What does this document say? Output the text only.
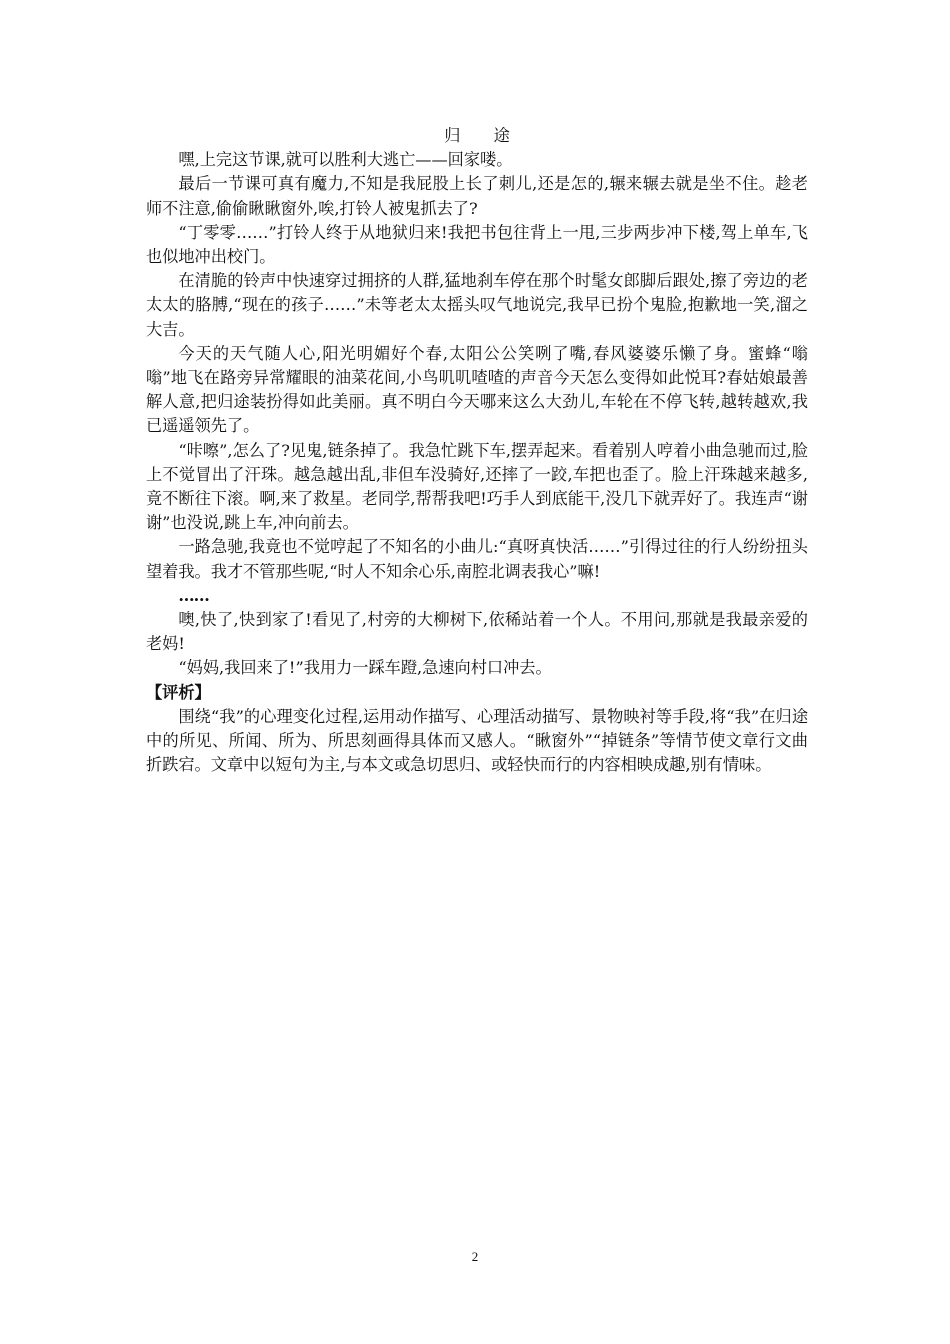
归 途

嘿,上完这节课,就可以胜利大逃亡——回家喽。

最后一节课可真有魔力,不知是我屁股上长了刺儿,还是怎的,辗来辗去就是坐不住。趁老师不注意,偷偷瞅瞅窗外,唉,打铃人被鬼抓去了?

“丁零零……”打铃人终于从地狱归来!我把书包往背上一甩,三步两步冲下楼,驾上单车,飞也似地冲出校门。

在清脆的铃声中快速穿过拥挤的人群,猛地刹车停在那个时髦女郎脚后跟处,擦了旁边的老太太的胳膊,“现在的孩子……”未等老太太摇头叹气地说完,我早已扮个鬼脸,抱歉地一笑,溜之大吉。

今天的天气随人心,阳光明媚好个春,太阳公公笑咧了嘴,春风婆婆乐懒了身。蜜蜂“嗡嗡”地飞在路旁异常耀眼的油菜花间,小鸟叽叽喳喳的声音今天怎么变得如此悦耳?春姑娘最善解人意,把归途装扮得如此美丽。真不明白今天哪来这么大劲儿,车轮在不停飞转,越转越欢,我已遥遥领先了。

“咔嚓”,怎么了?见鬼,链条掉了。我急忙跳下车,摆弄起来。看着别人哼着小曲急驰而过,脸上不觉冒出了汗珠。越急越出乱,非但车没骑好,还摔了一跤,车把也歪了。脸上汗珠越来越多,竟不断往下滚。啊,来了救星。老同学,帮帮我吧!巧手人到底能干,没几下就弄好了。我连声“谢谢”也没说,跳上车,冲向前去。

一路急驰,我竟也不觉哼起了不知名的小曲儿:“真呀真快活……”引得过往的行人纷纷扭头望着我。我才不管那些呢,“时人不知余心乐,南腔北调表我心”嘛!

……

噢,快了,快到家了!看见了,村旁的大柳树下,依稀站着一个人。不用问,那就是我最亲爱的老妈!

“妈妈,我回来了!”我用力一踩车蹬,急速向村口冲去。

【评析】

围绕“我”的心理变化过程,运用动作描写、心理活动描写、景物映衬等手段,将“我”在归途中的所见、所闻、所为、所思刻画得具体而又感人。“瞅窗外”“掉链条”等情节使文章行文曲折跌宕。文章中以短句为主,与本文或急切思归、或轻快而行的内容相映成趣,别有情味。

2
